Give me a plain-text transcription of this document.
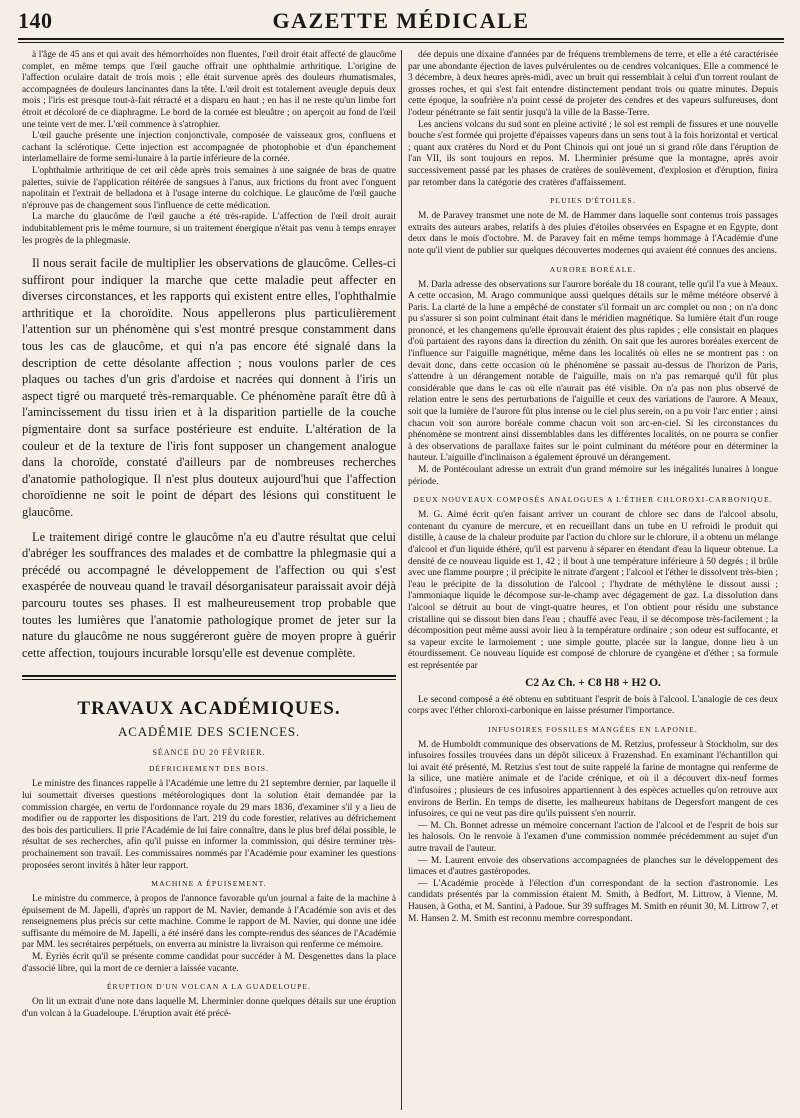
140	GAZETTE MÉDICALE

à l'âge de 45 ans et qui avait des hémorrhoïdes non fluentes, l'œil droit était affecté de glaucôme complet, en même temps que l'œil gauche offrait une ophthalmie arthritique. L'origine de l'affection oculaire datait de trois mois ; elle était survenue après des douleurs rhumatismales, accompagnées de douleurs lancinantes dans la tête. L'œil droit est totalement aveugle depuis deux mois ; l'iris est presque tout-à-fait rétracté et a disparu en haut ; en has il ne reste qu'un limbe fort étroit et décoloré de ce diaphragme. Le bord de la cornée est bleuâtre ; on aperçoit au fond de l'œil une teinte vert de mer. L'œil commence à s'atrophier.

L'œil gauche présente une injection conjonctivale, composée de vaisseaux gros, confluens et cachant la sclérotique. Cette injection est accompagnée de photophobie et d'un épanchement interlamellaire de forme semi-lunaire à la partie inférieure de la cornée.

L'ophthalmie arthritique de cet œil cède après trois semaines à une saignée de bras de quatre palettes, suivie de l'application réitérée de sangsues à l'anus, aux frictions du front avec l'onguent napolitain et l'extrait de belladona et à l'usage interne du colchique. Le glaucôme de l'œil gauche n'éprouve pas de changement sous l'influence de cette médication.

La marche du glaucôme de l'œil gauche a été très-rapide. L'affection de l'œil droit aurait indubitablement pris le même tournure, si un traitement énergique n'était pas venu à temps enrayer les progrès de la phlegmasie.

Il nous serait facile de multiplier les observations de glaucôme. Celles-ci suffiront pour indiquer la marche que cette maladie peut affecter en diverses circonstances, et les rapports qui existent entre elles, l'ophthalmie arthritique et la choroïdite. Nous appellerons plus particulièrement l'attention sur un phénomène qui s'est montré presque constamment dans tous les cas de glaucôme, et qui n'a pas encore été signalé dans la description de cette désolante affection ; nous voulons parler de ces plaques ou taches d'un gris d'ardoise et nacrées qui donnent à l'iris un aspect tigré ou marqueté très-remarquable. Ce phénomène paraît être dû à l'amincissement du tissu irien et à la disparition partielle de la couche pigmentaire dont sa surface postérieure est enduite. L'altération de la couleur et de la texture de l'iris font supposer un changement analogue dans la choroïde, constaté d'ailleurs par de nombreuses recherches d'anatomie pathologique. Il n'est plus douteux aujourd'hui que l'affection choroïdienne ne soit le point de départ des lésions qui constituent le glaucôme.

Le traitement dirigé contre le glaucôme n'a eu d'autre résultat que celui d'abréger les souffrances des malades et de combattre la phlegmasie qui a précédé ou accompagné le développement de l'affection ou qui s'est exaspérée de nouveau quand le travail désorganisateur paraissait avoir déjà parcouru toutes ses phases. Il est malheureusement trop probable que toutes les lumières que l'anatomie pathologique promet de jeter sur la nature du glaucôme ne nous suggéreront guère de moyen propre à guérir cette affection, toujours incurable lorsqu'elle est devenue complète.

TRAVAUX ACADÉMIQUES.
ACADÉMIE DES SCIENCES.
SÉANCE DU 20 FÉVRIER.
DÉFRICHEMENT DES BOIS.

Le ministre des finances rappelle à l'Académie une lettre du 21 septembre dernier, par laquelle il lui soumettait diverses questions météorologiques dont la solution était demandée par la commission chargée, en vertu de l'ordonnance royale du 29 mars 1836, d'examiner s'il y a lieu de modifier ou de rapporter les dispositions de l'art. 219 du code forestier, relatives au défrichement des bois des particuliers. Il prie l'Académie de lui faire connaître, dans le plus bref délai possible, le résultat de ses recherches, afin qu'il puisse en informer la commission, qui désire terminer très-prochainement son travail. Les commissaires nommés par l'Académie pour examiner les questions proposées seront invités à hâter leur rapport.

MACHINE A ÉPUISEMENT.

Le ministre du commerce, à propos de l'annonce favorable qu'un journal a faite de la machine à épuisement de M. Japelli, d'après un rapport de M. Navier, demande à l'Académie son avis et des renseignemens plus précis sur cette machine. Comme le rapport de M. Navier, qui donne une idée suffisante du mémoire de M. Japelli, a été inséré dans les compte-rendus des séances de l'Académie par MM. les secrétaires perpétuels, on enverra au ministre la livraison qui renferme ce mémoire.

M. Eyriès écrit qu'il se présente comme candidat pour succéder à M. Desgenettes dans la place d'associé libre, qui la mort de ce dernier a laissée vacante.

ÉRUPTION D'UN VOLCAN A LA GUADELOUPE.

On lit un extrait d'une note dans laquelle M. Lherminier donne quelques détails sur une éruption d'un volcan à la Guadeloupe. L'éruption avait été précé-

dée depuis une dixaine d'années par de fréquens tremblemens de terre, et elle a été caractérisée par une abondante éjection de laves pulvérulentes ou de cendres volcaniques. Elle a commencé le 3 décembre, à deux heures après-midi, avec un bruit qui ressemblait à celui d'un torrent roulant de grosses roches, et qui s'est fait entendre distinctement pendant trois ou quatre minutes. Depuis cette époque, la soufrière n'a point cessé de projeter des cendres et des vapeurs sulfureuses, dont l'odeur pénétrante se fait sentir jusqu'à la ville de la Basse-Terre.

Les anciens volcans du sud sont en pleine activité ; le sol est rempli de fissures et une nouvelle bouche s'est formée qui projette d'épaisses vapeurs dans un sens tout à la fois horizontal et vertical ; quant aux cratères du Nord et du Pont Chinois qui ont joué un si grand rôle dans l'éruption de l'an VII, ils sont toujours en repos. M. Lherminier présume que la montagne, après avoir successivement passé par les phases de cratères de soulèvement, d'explosion et d'éruption, finira par retomber dans la catégorie des cratères d'affaissement.

PLUIES D'ÉTOILES.

M. de Paravey transmet une note de M. de Hammer dans laquelle sont contenus trois passages extraits des auteurs arabes, relatifs à des pluies d'étoiles observées en Espagne et en Egypte, dont deux dans le mois d'octobre. M. de Paravey fait en même temps hommage à l'Académie d'une note qu'il vient de publier sur quelques découvertes modernes qui avaient été connues des anciens.

AURORE BORÉALE.

M. Darla adresse des observations sur l'aurore boréale du 18 courant, telle qu'il l'a vue à Meaux. A cette occasion, M. Arago communique aussi quelques détails sur le même météore observé à Paris. La clarté de la lune a empêché de constater s'il formait un arc complet ou non ; on n'a donc pu s'assurer si son point culminant était dans le méridien magnétique. Sa lumière était d'un rouge prononcé, et les changemens qu'elle éprouvait étaient des plus rapides ; elle consistait en plaques d'où partaient des rayons dans la direction du zénith. On sait que les aurores boréales exercent de l'influence sur l'aiguille magnétique, même dans les localités où elles ne se montrent pas : on devait donc, dans cette occasion où le phénomène se passait au-dessus de l'horizon de Paris, s'attendre à un dérangement notable de l'aiguille, mais on n'a pas remarqué qu'il fût plus considérable que dans le cas où elle n'aurait pas été visible. On n'a pas non plus observé de relation entre le sens des perturbations de l'aiguille et ceux des variations de l'aurore. A Meaux, soit que la lumière de l'aurore fût plus intense ou le ciel plus serein, on a pu voir l'arc entier ; ainsi chacun voit son aurore boréale comme chacun voit son arc-en-ciel. Si les circonstances du phénomène se montrent ainsi dissemblables dans les différentes localités, on ne pourra se confier à des observations de parallaxe faites sur le point culminant du météore pour en déterminer la hauteur. L'aiguille d'inclinaison a également éprouvé un dérangement.

M. de Pontécoulant adresse un extrait d'un grand mémoire sur les inégalités lunaires à longue période.

DEUX NOUVEAUX COMPOSÉS ANALOGUES A L'ÉTHER CHLOROXI-CARBONIQUE.

M. G. Aimé écrit qu'en faisant arriver un courant de chlore sec dans de l'alcool absolu, contenant du cyanure de mercure, et en recueillant dans un tube en U refroidi le produit qui distille, à cause de la chaleur produite par l'action du chlore sur le chlorure, il a obtenu un mélange d'alcool et d'un liquide éthéré, qu'il est parvenu à séparer en étendant d'eau la liqueur obtenue. La densité de ce nouveau liquide est 1, 42 ; il bout à une température inférieure à 50 degrés ; il brûle avec une flamme pourpre ; il précipite le nitrate d'argent ; l'alcool et l'éther le dissolvent très-bien ; l'eau le précipite de la dissolution de l'alcool ; l'hydrate de méthylène le dissout aussi ; l'ammoniaque liquide le décompose sur-le-champ avec dégagement de gaz. La dissolution dans l'alcool se détruit au bout de vingt-quatre heures, et l'on obtient pour résidu une substance cristalline qui se dissout bien dans l'eau ; chauffé avec l'eau, il se décompose très-facilement ; la décomposition peut même aussi avoir lieu à la température ordinaire ; son odeur est suffocante, et sa vapeur excite le larmoiement ; une simple goutte, placée sur la langue, donne lieu à un étourdissement. Ce nouveau liquide est composé de chlorure de cyangène et d'éther ; sa formule est représentée par

C2 Az Ch. + C8 H8 + H2 O.

Le second composé a été obtenu en subtituant l'esprit de bois à l'alcool. L'analogie de ces deux corps avec l'éther chloroxi-carbonique en laisse présumer l'importance.

INFUSOIRES FOSSILES MANGÉES EN LAPONIE.

M. de Humboldt communique des observations de M. Retzius, professeur à Stockholm, sur des infusoires fossiles trouvées dans un dépôt siliceux à Frazenshad. En examinant l'échantillon qui lui avait été présenté, M. Retzius s'est tout de suite rappelé la farine de montagne qui renferme de la silice, une matière animale et de l'acide crénique, et où il a découvert dix-neuf formes d'infusoires ; plusieurs de ces infusoires appartiennent à des espèces actuelles qu'on retrouve aux environs de Berlin. En temps de disette, les malheureux habitans de Degersfort mangent de ces infusoires, ce qui ne veut pas dire qu'ils puissent s'en nourrir.

— M. Ch. Bonnet adresse un mémoire concernant l'action de l'alcool et de l'esprit de bois sur les halosols. On le renvoie à l'examen d'une commission nommée précédemment au sujet d'un autre travail de l'auteur.

— M. Laurent envoie des observations accompagnées de planches sur le développement des limaces et d'autres gastéropodes.

— L'Académie procède à l'élection d'un correspondant de la section d'astronomie. Les candidats présentés par la commission étaient M. Smith, à Bedfort, M. Littrow, à Vienne, M. Hausen, à Gotha, et M. Santini, à Padoue. Sur 39 suffrages M. Smith en réunit 30, M. Littrow 7, et M. Hansen 2. M. Smith est reconnu membre correspondant.
